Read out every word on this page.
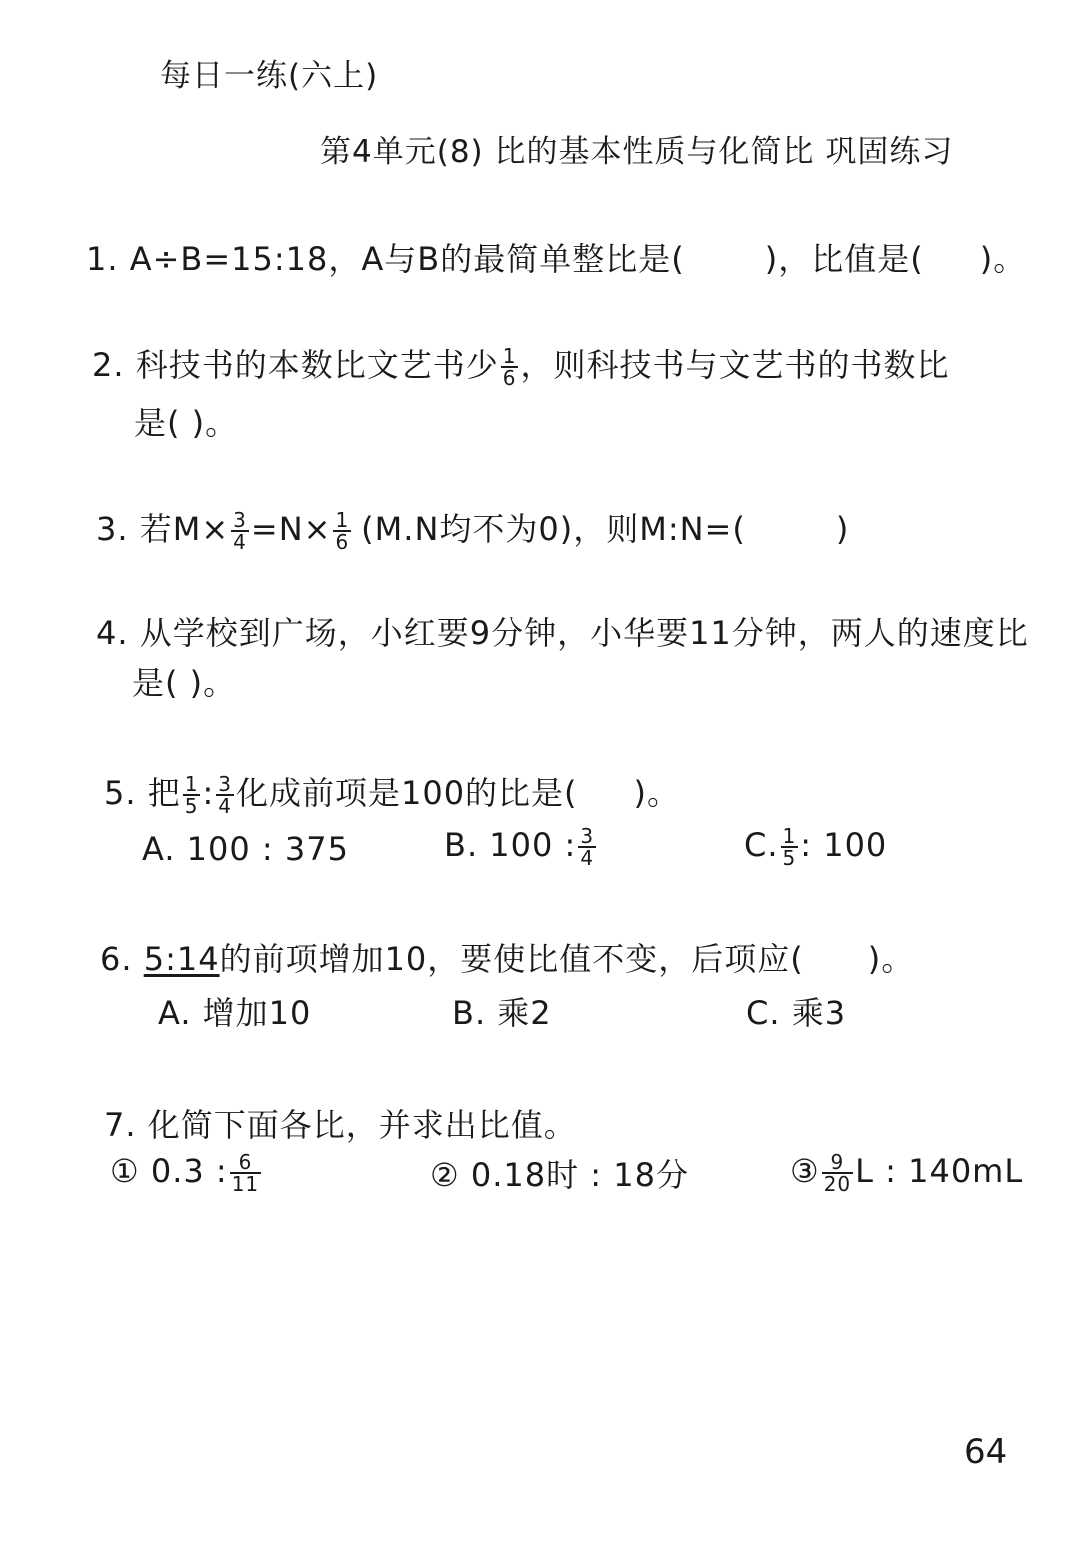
每日一练(六上)
第4单元(8) 比的基本性质与化简比 巩固练习
1. A÷B=15:18，A与B的最简单整比是(	)，比值是( )。
2. 科技书的本数比文艺书少 $\frac{1}{6}$ ，则科技书与文艺书的书数比
是( )。
3. 若$M\times \frac{3}{4} =N\times \frac{1}{6} (M.N$均不为0)，则M:N=(	)
4. 从学校到广场，小红要9分钟，小华要11分钟，两人的速度比
是( )。
5. 把 $\frac{1}{5}$ : $\frac{3}{4}$ 化成前项是100的比是( )。
A. 100 : 375	B. 100 : $\frac{3}{4}$	C. $\frac{1}{5}$ : 100
6. 5:14的前项增加10，要使比值不变，后项应( )。
A. 增加10	B. 乘2	C. 乘3
7. 化简下面各比，并求出比值。
① 0.3 : $\frac{6}{11}$	② 0.18时 : 18分	③ $\frac{9}{20}$ L : 140mL
64
